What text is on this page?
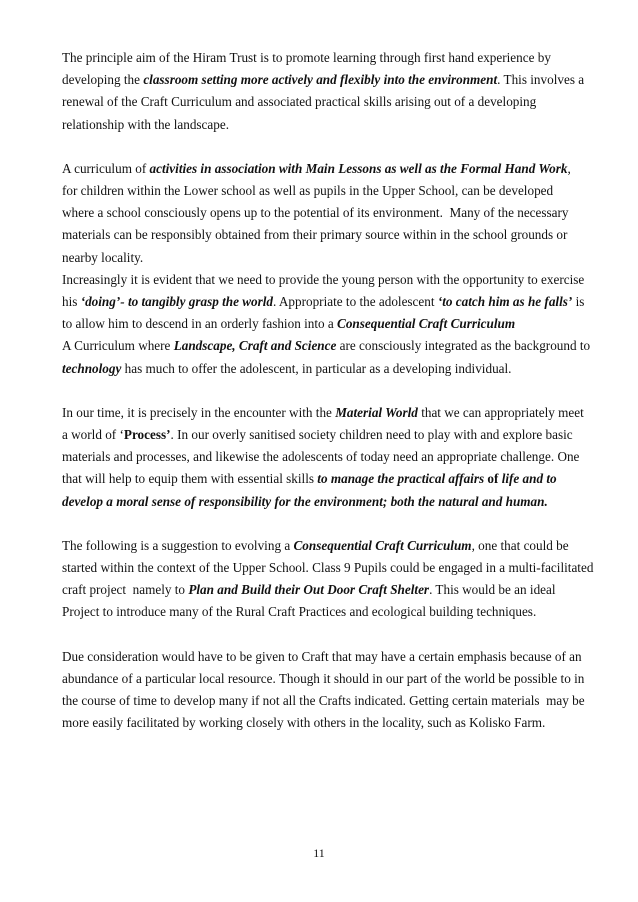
The principle aim of the Hiram Trust is to promote learning through first hand experience by
developing the classroom setting more actively and flexibly into the environment. This involves a
renewal of the Craft Curriculum and associated practical skills arising out of a developing
relationship with the landscape.
A curriculum of activities in association with Main Lessons as well as the Formal Hand Work,
for children within the Lower school as well as pupils in the Upper School, can be developed
where a school consciously opens up to the potential of its environment.  Many of the necessary
materials can be responsibly obtained from their primary source within in the school grounds or
nearby locality.
Increasingly it is evident that we need to provide the young person with the opportunity to exercise
his ‘doing’- to tangibly grasp the world. Appropriate to the adolescent ‘to catch him as he falls’ is
to allow him to descend in an orderly fashion into a Consequential Craft Curriculum
A Curriculum where Landscape, Craft and Science are consciously integrated as the background to
technology has much to offer the adolescent, in particular as a developing individual.
In our time, it is precisely in the encounter with the Material World that we can appropriately meet
a world of ‘Process’. In our overly sanitised society children need to play with and explore basic
materials and processes, and likewise the adolescents of today need an appropriate challenge. One
that will help to equip them with essential skills to manage the practical affairs of life and to
develop a moral sense of responsibility for the environment; both the natural and human.
The following is a suggestion to evolving a Consequential Craft Curriculum, one that could be
started within the context of the Upper School. Class 9 Pupils could be engaged in a multi-facilitated
craft project  namely to Plan and Build their Out Door Craft Shelter. This would be an ideal
Project to introduce many of the Rural Craft Practices and ecological building techniques.
Due consideration would have to be given to Craft that may have a certain emphasis because of an
abundance of a particular local resource. Though it should in our part of the world be possible to in
the course of time to develop many if not all the Crafts indicated. Getting certain materials  may be
more easily facilitated by working closely with others in the locality, such as Kolisko Farm.
11
